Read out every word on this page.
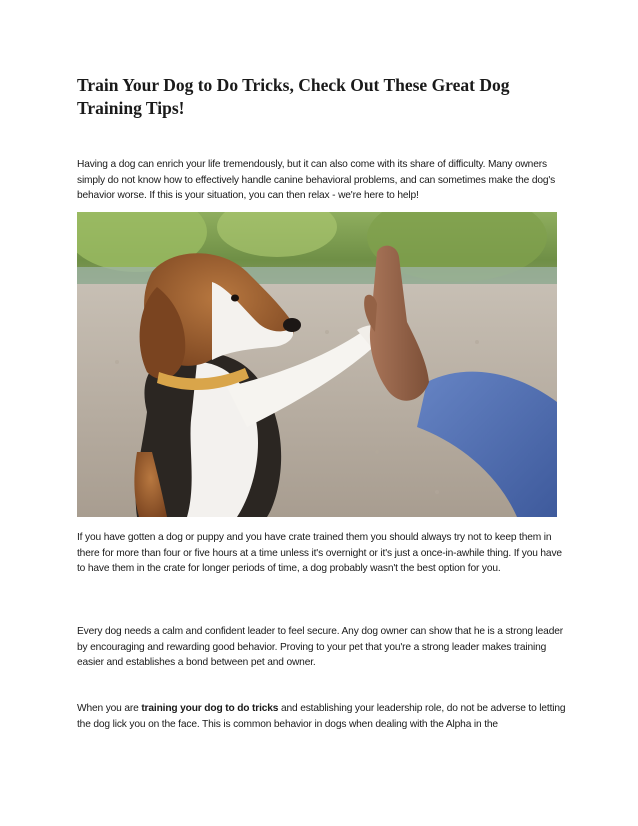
Train Your Dog to Do Tricks, Check Out These Great Dog Training Tips!

Having a dog can enrich your life tremendously, but it can also come with its share of difficulty. Many owners simply do not know how to effectively handle canine behavioral problems, and can sometimes make the dog's behavior worse. If this is your situation, you can then relax - we're here to help!

If you have gotten a dog or puppy and you have crate trained them you should always try not to keep them in there for more than four or five hours at a time unless it's overnight or it's just a once-in-awhile thing. If you have to have them in the crate for longer periods of time, a dog probably wasn't the best option for you.

Every dog needs a calm and confident leader to feel secure. Any dog owner can show that he is a strong leader by encouraging and rewarding good behavior. Proving to your pet that you're a strong leader makes training easier and establishes a bond between pet and owner.

When you are training your dog to do tricks and establishing your leadership role, do not be adverse to letting the dog lick you on the face. This is common behavior in dogs when dealing with the Alpha in the
